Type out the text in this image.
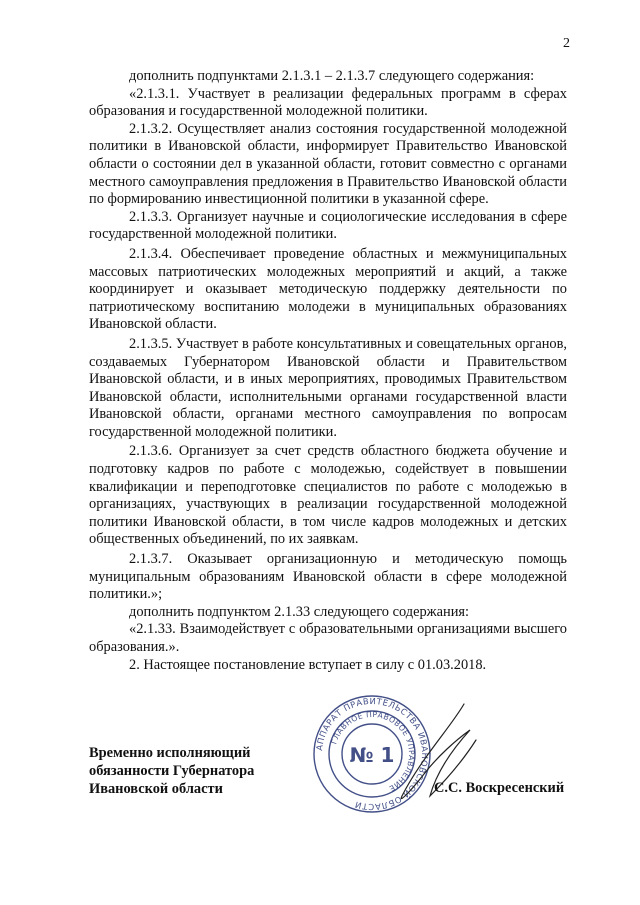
2

дополнить подпунктами 2.1.3.1 – 2.1.3.7 следующего содержания:

«2.1.3.1. Участвует в реализации федеральных программ в сферах образования и государственной молодежной политики.

2.1.3.2. Осуществляет анализ состояния государственной молодежной политики в Ивановской области, информирует Правительство Ивановской области о состоянии дел в указанной области, готовит совместно с органами местного самоуправления предложения в Правительство Ивановской области по формированию инвестиционной политики в указанной сфере.

2.1.3.3. Организует научные и социологические исследования в сфере государственной молодежной политики.

2.1.3.4. Обеспечивает проведение областных и межмуниципальных массовых патриотических молодежных мероприятий и акций, а также координирует и оказывает методическую поддержку деятельности по патриотическому воспитанию молодежи в муниципальных образованиях Ивановской области.

2.1.3.5. Участвует в работе консультативных и совещательных органов, создаваемых Губернатором Ивановской области и Правительством Ивановской области, и в иных мероприятиях, проводимых Правительством Ивановской области, исполнительными органами государственной власти Ивановской области, органами местного самоуправления по вопросам государственной молодежной политики.

2.1.3.6. Организует за счет средств областного бюджета обучение и подготовку кадров по работе с молодежью, содействует в повышении квалификации и переподготовке специалистов по работе с молодежью в организациях, участвующих в реализации государственной молодежной политики Ивановской области, в том числе кадров молодежных и детских общественных объединений, по их заявкам.

2.1.3.7. Оказывает организационную и методическую помощь муниципальным образованиям Ивановской области в сфере молодежной политики.»;

дополнить подпунктом 2.1.33 следующего содержания:

«2.1.33. Взаимодействует с образовательными организациями высшего образования.».

2. Настоящее постановление вступает в силу с 01.03.2018.

Временно исполняющий
обязанности Губернатора
Ивановской области
АППАРАТ ПРАВИТЕЛЬСТВА ИВАНОВСКОЙ ОБЛАСТИ
ГЛАВНОЕ ПРАВОВОЕ УПРАВЛЕНИЕ
№ 1
С.С. Воскресенский
